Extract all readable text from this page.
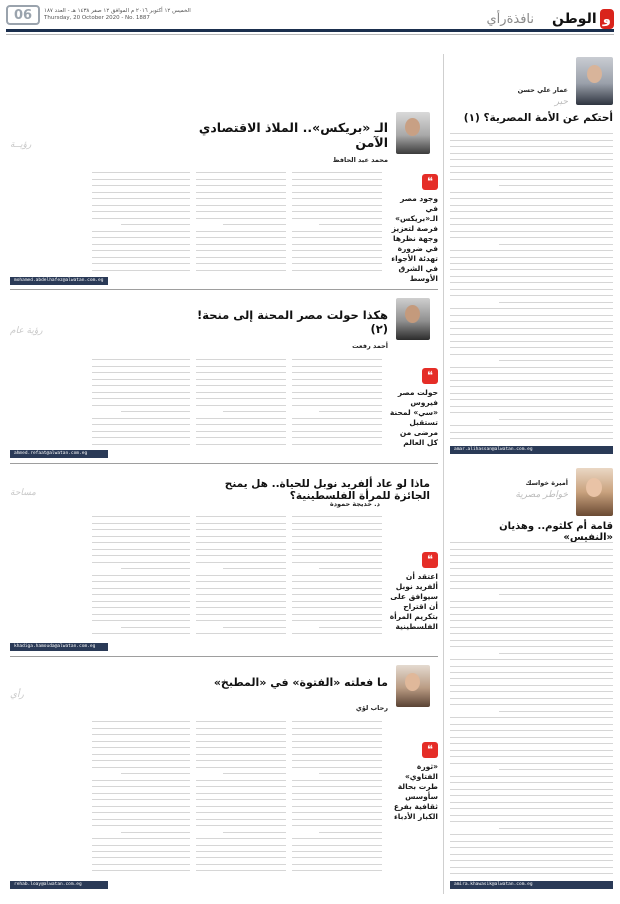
و
الوطن
نافذةرأي
الخميس ١٢ أكتوبر ٢٠١٦ م الموافق ١٢ صفر ١٤٣٨ هـ - العدد ١٨٧
Thursday, 20 October 2020 - No. 1887
06
حبر
عمار علي حسن
أحتكم عن الأمة المصرية؟ (١)
amar.alihassan@alwatan.com.eg
أميرة خواسك
خواطر مصرية
قامة أم كلثوم.. وهذيان «النفيس»
amira.khawasik@alwatan.com.eg
رؤيــة
الـ «بريكس».. الملاذ الاقتصادي الآمن
محمد عبد الحافظ
❝
وجود مصر في الـ«بريكس» فرصة لتعزيز وجهة نظرها في ضرورة تهدئة الأجواء في الشرق الأوسط
mohamed.abdelhafez@alwatan.com.eg
رؤية عام
هكذا حولت مصر المحنة إلى منحة! (٢)
أحمد رفعت
❝
حولت مصر فيروس «سي» لمحنة تستقبل مرضى من كل العالم
ahmed.refaat@alwatan.com.eg
مساحة
ماذا لو عاد ألفريد نوبل للحياة.. هل يمنح الجائزة للمرأة الفلسطينية؟
د. خديجة حمودة
❝
اعتقد أن ألفريد نوبل سيوافق على أن اقتراح بتكريم المرأة الفلسطينية
khadiga.hamouda@alwatan.com.eg
رأي
ما فعلته «الفتوة» في «المطبخ»
رحاب لؤي
❝
«ثورة الفتاوي» طرت بحالة سأوسس ثقافية بفرع الكبار الأدباء
rehab.loay@alwatan.com.eg
